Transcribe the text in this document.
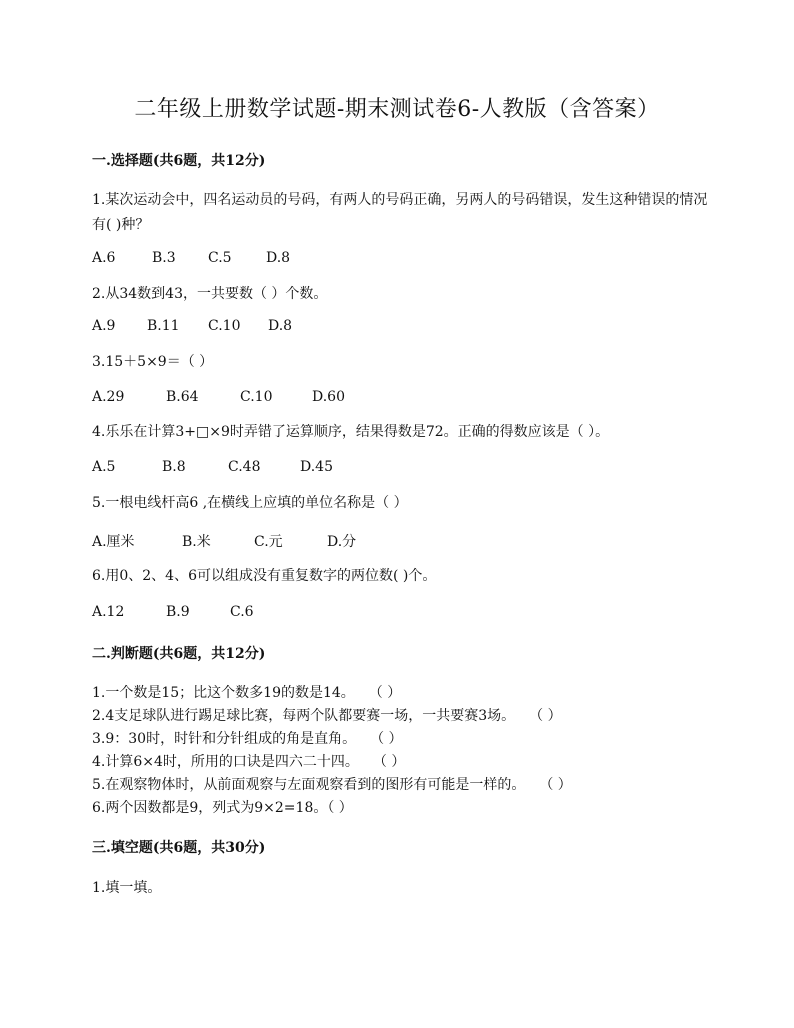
二年级上册数学试题-期末测试卷6-人教版（含答案）
一.选择题(共6题，共12分)
1.某次运动会中，四名运动员的号码，有两人的号码正确，另两人的号码错误，发生这种错误的情况有( )种？
A.6	B.3 C.5 D.8
2.从34数到43，一共要数（ ）个数。
A.9 B.11 C.10 D.8
3.15＋5×9＝（ ）
A.29	B.64	C.10	D.60
4.乐乐在计算3+□×9时弄错了运算顺序，结果得数是72。正确的得数应该是（ ）。
A.5	B.8	C.48	D.45
5.一根电线杆高6 ,在横线上应填的单位名称是（ ）
A.厘米	B.米	C.元	D.分
6.用0、2、4、6可以组成没有重复数字的两位数( )个。
A.12	B.9	C.6
二.判断题(共6题，共12分)
1.一个数是15；比这个数多19的数是14。　　（ ）
2.4支足球队进行踢足球比赛，每两个队都要赛一场，一共要赛3场。　　（ ）
3.9：30时，时针和分针组成的角是直角。　　（ ）
4.计算6×4时，所用的口诀是四六二十四。　　（ ）
5.在观察物体时，从前面观察与左面观察看到的图形有可能是一样的。　　（ ）
6.两个因数都是9，列式为9×2=18。（ ）
三.填空题(共6题，共30分)
1.填一填。
